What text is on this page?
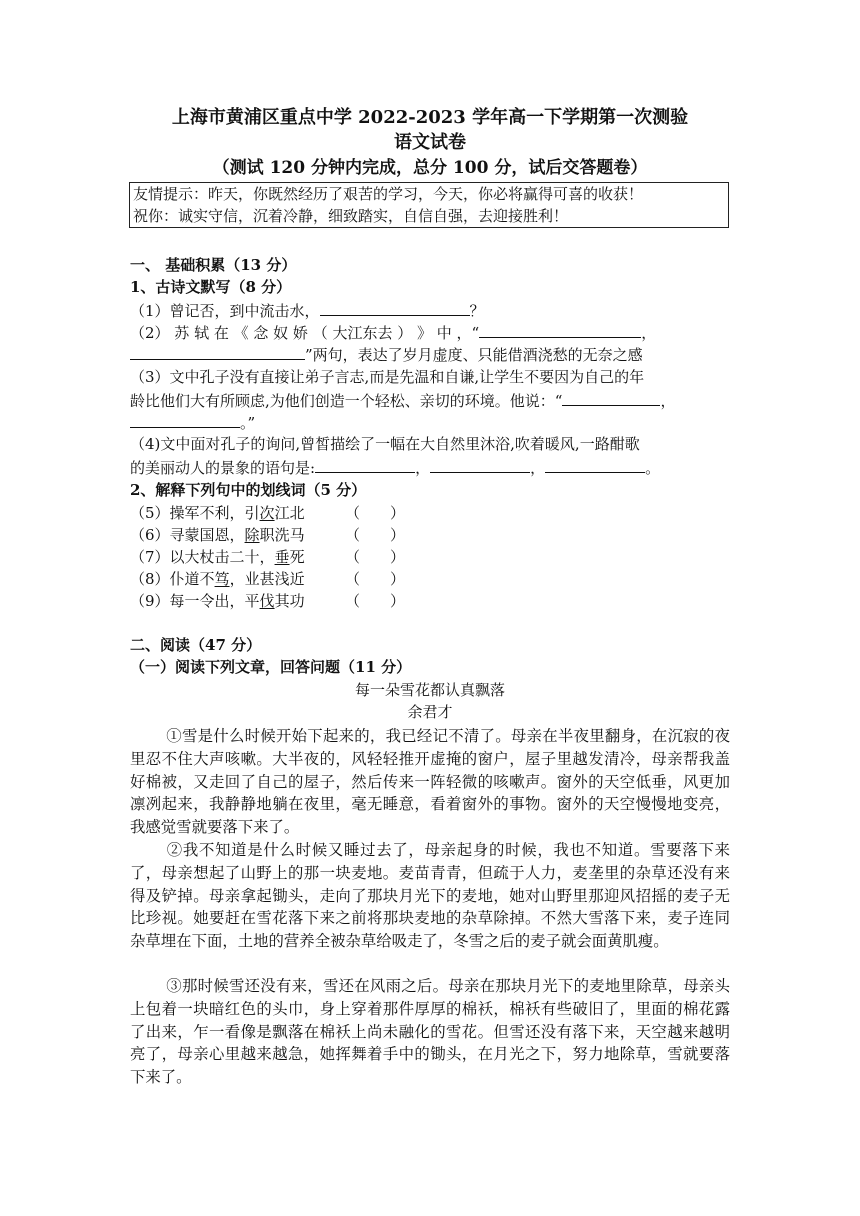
上海市黄浦区重点中学 2022-2023 学年高一下学期第一次测验
语文试卷
（测试 120 分钟内完成，总分 100 分，试后交答题卷）
友情提示：昨天，你既然经历了艰苦的学习，今天，你必将赢得可喜的收获！
祝你：诚实守信，沉着冷静，细致踏实，自信自强，去迎接胜利！
一、 基础积累（13 分）
1、古诗文默写（8 分）
（1）曾记否，到中流击水，	？
（2） 苏 轼 在 《 念 奴 娇 （ 大江东去 ） 》 中 ，“	，
”两句，表达了岁月虚度、只能借酒浇愁的无奈之感
（3）文中孔子没有直接让弟子言志,而是先温和自谦,让学生不要因为自己的年
龄比他们大有所顾虑,为他们创造一个轻松、亲切的环境。他说：“	，
。”
（4)文中面对孔子的询问,曾皙描绘了一幅在大自然里沐浴,吹着暖风,一路酣歌
的美丽动人的景象的语句是:	，	，	。
2、解释下列句中的划线词（5 分）
（5）操军不利，引次江北	（　　）
（6）寻蒙国恩，除职洗马	（　　）
（7）以大杖击二十，垂死	（　　）
（8）仆道不笃，业甚浅近	（　　）
（9）每一令出，平伐其功	（　　）
二、阅读（47 分）
（一）阅读下列文章，回答问题（11 分）
每一朵雪花都认真飘落
余君才
①雪是什么时候开始下起来的，我已经记不清了。母亲在半夜里翻身，在沉寂的夜里忍不住大声咳嗽。大半夜的，风轻轻推开虚掩的窗户，屋子里越发清冷，母亲帮我盖好棉被，又走回了自己的屋子，然后传来一阵轻微的咳嗽声。窗外的天空低垂，风更加凛冽起来，我静静地躺在夜里，毫无睡意，看着窗外的事物。窗外的天空慢慢地变亮，我感觉雪就要落下来了。
②我不知道是什么时候又睡过去了，母亲起身的时候，我也不知道。雪要落下来了，母亲想起了山野上的那一块麦地。麦苗青青，但疏于人力，麦垄里的杂草还没有来得及铲掉。母亲拿起锄头，走向了那块月光下的麦地，她对山野里那迎风招摇的麦子无比珍视。她要赶在雪花落下来之前将那块麦地的杂草除掉。不然大雪落下来，麦子连同杂草埋在下面，土地的营养全被杂草给吸走了，冬雪之后的麦子就会面黄肌瘦。
③那时候雪还没有来，雪还在风雨之后。母亲在那块月光下的麦地里除草，母亲头上包着一块暗红色的头巾，身上穿着那件厚厚的棉袄，棉袄有些破旧了，里面的棉花露了出来，乍一看像是飘落在棉袄上尚未融化的雪花。但雪还没有落下来，天空越来越明亮了，母亲心里越来越急，她挥舞着手中的锄头，在月光之下，努力地除草，雪就要落下来了。
